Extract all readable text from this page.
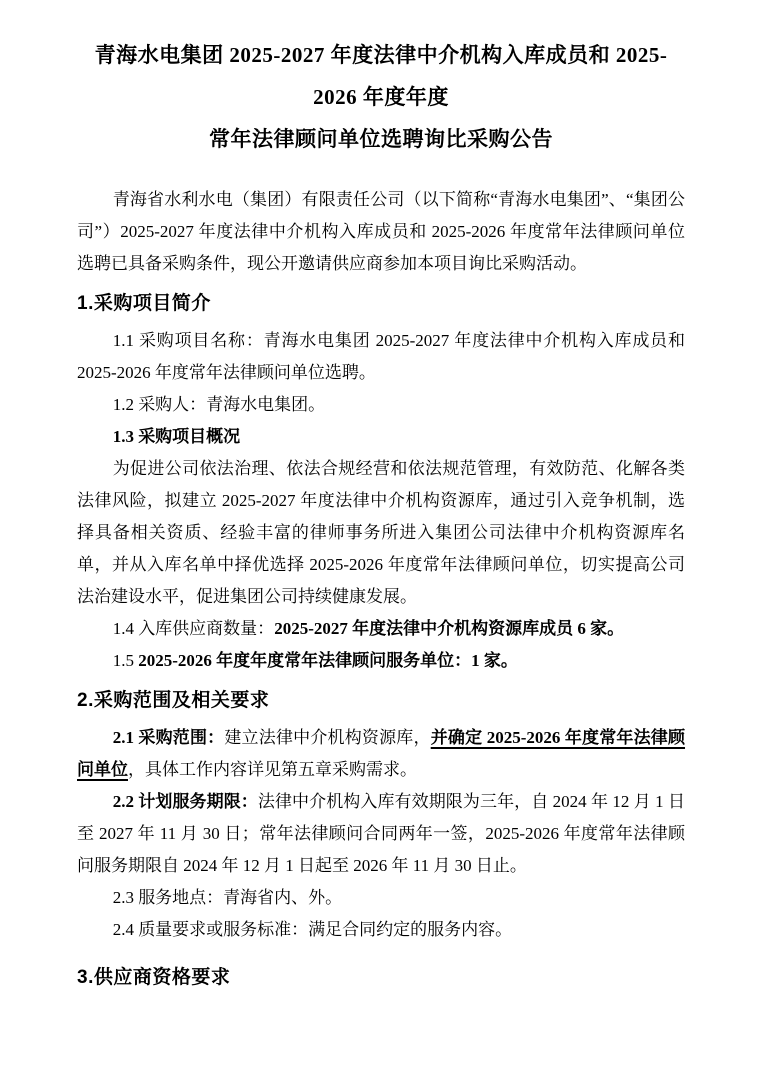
青海水电集团 2025-2027 年度法律中介机构入库成员和 2025-2026 年度年度
常年法律顾问单位选聘询比采购公告

青海省水利水电（集团）有限责任公司（以下简称“青海水电集团”、“集团公司”）2025-2027 年度法律中介机构入库成员和 2025-2026 年度常年法律顾问单位选聘已具备采购条件，现公开邀请供应商参加本项目询比采购活动。

1.采购项目简介

1.1 采购项目名称：青海水电集团 2025-2027 年度法律中介机构入库成员和 2025-2026 年度常年法律顾问单位选聘。

1.2 采购人：青海水电集团。

1.3 采购项目概况

为促进公司依法治理、依法合规经营和依法规范管理，有效防范、化解各类法律风险，拟建立 2025-2027 年度法律中介机构资源库，通过引入竞争机制，选择具备相关资质、经验丰富的律师事务所进入集团公司法律中介机构资源库名单，并从入库名单中择优选择 2025-2026 年度常年法律顾问单位，切实提高公司法治建设水平，促进集团公司持续健康发展。

1.4 入库供应商数量：2025-2027 年度法律中介机构资源库成员 6 家。

1.5 2025-2026 年度年度常年法律顾问服务单位：1 家。

2.采购范围及相关要求

2.1 采购范围：建立法律中介机构资源库，并确定 2025-2026 年度常年法律顾问单位，具体工作内容详见第五章采购需求。

2.2 计划服务期限：法律中介机构入库有效期限为三年，自 2024 年 12 月 1 日至 2027 年 11 月 30 日；常年法律顾问合同两年一签，2025-2026 年度常年法律顾问服务期限自 2024 年 12 月 1 日起至 2026 年 11 月 30 日止。

2.3 服务地点：青海省内、外。

2.4 质量要求或服务标准：满足合同约定的服务内容。

3.供应商资格要求
